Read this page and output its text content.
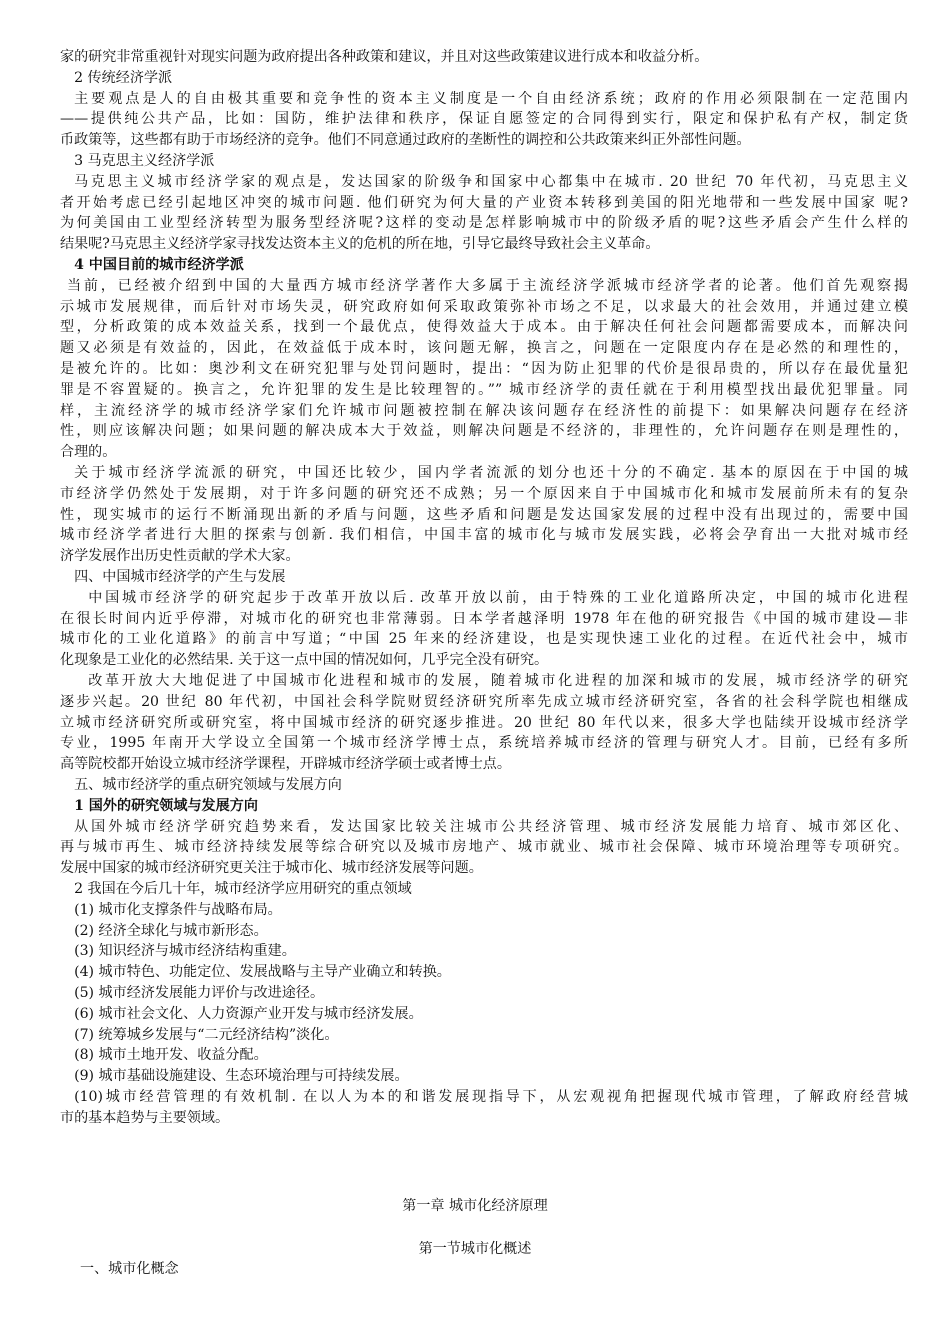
家的研究非常重视针对现实问题为政府提出各种政策和建议，并且对这些政策建议进行成本和收益分析。
2 传统经济学派
主要观点是人的自由极其重要和竞争性的资本主义制度是一个自由经济系统；政府的作用必须限制在一定范围内
——提供纯公共产品，比如：国防，维护法律和秩序，保证自愿签定的合同得到实行，限定和保护私有产权，制定货
币政策等，这些都有助于市场经济的竞争。他们不同意通过政府的垄断性的调控和公共政策来纠正外部性问题。
3 马克思主义经济学派
马克思主义城市经济学家的观点是，发达国家的阶级争和国家中心都集中在城市. 20 世纪 70 年代初，马克思主义
者开始考虑已经引起地区冲突的城市问题. 他们研究为何大量的产业资本转移到美国的阳光地带和一些发展中国家 呢?
为何美国由工业型经济转型为服务型经济呢?这样的变动是怎样影响城市中的阶级矛盾的呢?这些矛盾会产生什么样的
结果呢?马克思主义经济学家寻找发达资本主义的危机的所在地，引导它最终导致社会主义革命。
4 中国目前的城市经济学派
当前，已经被介绍到中国的大量西方城市经济学著作大多属于主流经济学派城市经济学者的论著。他们首先观察揭
示城市发展规律，而后针对市场失灵，研究政府如何采取政策弥补市场之不足，以求最大的社会效用，并通过建立模
型，分析政策的成本效益关系，找到一个最优点，使得效益大于成本。由于解决任何社会问题都需要成本，而解决问
题又必须是有效益的，因此，在效益低于成本时，该问题无解，换言之，问题在一定限度内存在是必然的和理性的，
是被允许的。比如：奥沙利文在研究犯罪与处罚问题时，提出：“因为防止犯罪的代价是很昂贵的，所以存在最优量犯
罪是不容置疑的。换言之，允许犯罪的发生是比较理智的。”” 城市经济学的责任就在于利用模型找出最优犯罪量。同
样，主流经济学的城市经济学家们允许城市问题被控制在解决该问题存在经济性的前提下：如果解决问题存在经济
性，则应该解决问题；如果问题的解决成本大于效益，则解决问题是不经济的，非理性的，允许问题存在则是理性的，
合理的。
关于城市经济学流派的研究，中国还比较少，国内学者流派的划分也还十分的不确定. 基本的原因在于中国的城
市经济学仍然处于发展期，对于许多问题的研究还不成熟；另一个原因来自于中国城市化和城市发展前所未有的复杂
性，现实城市的运行不断涌现出新的矛盾与问题，这些矛盾和问题是发达国家发展的过程中没有出现过的，需要中国
城市经济学者进行大胆的探索与创新. 我们相信，中国丰富的城市化与城市发展实践，必将会孕育出一大批对城市经
济学发展作出历史性贡献的学术大家。
四、中国城市经济学的产生与发展
中国城市经济学的研究起步于改革开放以后. 改革开放以前，由于特殊的工业化道路所决定，中国的城市化进程
在很长时间内近乎停滞，对城市化的研究也非常薄弱。日本学者越泽明 1978 年在他的研究报告《中国的城市建设—非
城市化的工业化道路》的前言中写道；“中国 25 年来的经济建设，也是实现快速工业化的过程。在近代社会中，城市
化现象是工业化的必然结果. 关于这一点中国的情况如何，几乎完全没有研究。
改革开放大大地促进了中国城市化进程和城市的发展，随着城市化进程的加深和城市的发展，城市经济学的研究
逐步兴起。20 世纪 80 年代初，中国社会科学院财贸经济研究所率先成立城市经济研究室，各省的社会科学院也相继成
立城市经济研究所或研究室，将中国城市经济的研究逐步推进。20 世纪 80 年代以来，很多大学也陆续开设城市经济学
专业，1995 年南开大学设立全国第一个城市经济学博士点，系统培养城市经济的管理与研究人才。目前，已经有多所
高等院校都开始设立城市经济学课程，开辟城市经济学硕士或者博士点。
五、城市经济学的重点研究领域与发展方向
1 国外的研究领域与发展方向
从国外城市经济学研究趋势来看，发达国家比较关注城市公共经济管理、城市经济发展能力培育、城市郊区化、
再与城市再生、城市经济持续发展等综合研究以及城市房地产、城市就业、城市社会保障、城市环境治理等专项研究。
发展中国家的城市经济研究更关注于城市化、城市经济发展等问题。
2 我国在今后几十年，城市经济学应用研究的重点领域
(1) 城市化支撑条件与战略布局。
(2) 经济全球化与城市新形态。
(3) 知识经济与城市经济结构重建。
(4) 城市特色、功能定位、发展战略与主导产业确立和转换。
(5) 城市经济发展能力评价与改进途径。
(6) 城市社会文化、人力资源产业开发与城市经济发展。
(7) 统筹城乡发展与“二元经济结构”淡化。
(8) 城市土地开发、收益分配。
(9) 城市基础设施建设、生态环境治理与可持续发展。
(10)城市经营管理的有效机制. 在以人为本的和谐发展现指导下，从宏观视角把握现代城市管理，了解政府经营城
市的基本趋势与主要领域。
第一章 城市化经济原理
第一节城市化概述
一、城市化概念
